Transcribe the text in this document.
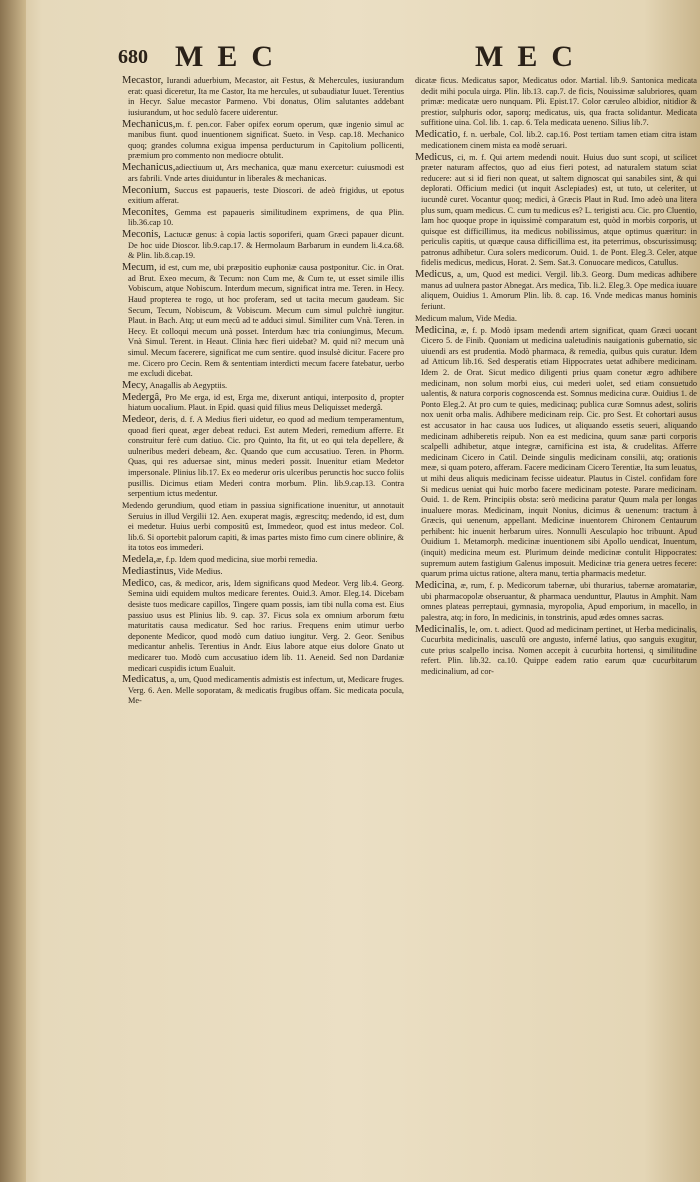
680 MEC	MEC

Mecastor, Iurandi aduerbium, Mecastor, ait Festus, & Mehercules, iusiurandum erat: quasi diceretur, Ita me Castor, Ita me hercules, ut subaudiatur Iuuet. Terentius in Hecyr. Salue mecastor Parmeno. Vbi donatus, Olim salutantes addebant iusiurandum, ut hoc sedulò facere uiderentur.

Mechanicus,m. f. pen.cor. Faber opifex eorum operum, quæ ingenio simul ac manibus fiunt. quod inuentionem significat. Sueto. in Vesp. cap.18. Mechanico quoq; grandes columna exigua impensa perducturum in Capitolium pollicenti, præmium pro commento non mediocre obtulit.

Mechanicus,adiectiuum ut, Ars mechanica, quæ manu exercetur: cuiusmodi est ars fabrili. Vnde artes diuiduntur in liberales & mechanicas.

Meconium, Succus est papaueris, teste Dioscori. de adeò frigidus, ut epotus exitium afferat.

Meconites, Gemma est papaueris similitudinem exprimens, de qua Plin. lib.36.cap 10.

Meconis, Lactucæ genus: à copia lactis soporiferi, quam Græci papauer dicunt. De hoc uide Dioscor. lib.9.cap.17. & Hermolaum Barbarum in eundem li.4.ca.68. & Plin. lib.8.cap.19.

Mecum, id est, cum me, ubi præpositio euphoniæ causa postponitur. Cic. in Orat. ad Brut. Exeo mecum, & Tecum: non Cum me, & Cum te, ut esset simile illis Vobiscum, atque Nobiscum. Interdum mecum, significat intra me. Teren. in Hecy. Haud propterea te rogo, ut hoc proferam, sed ut tacita mecum gaudeam. Sic Secum, Tecum, Nobiscum, & Vobiscum. Mecum cum simul pulchrè iungitur. Plaut. in Bach. Atq; ut eum mecû ad te adduci simul. Similiter cum Vnà. Teren. in Hecy. Et colloqui mecum unà posset. Interdum hæc tria coniungimus, Mecum. Vnà Simul. Terent. in Heaut. Clinia hæc fieri uidebat? M. quid ni? mecum unà simul. Mecum facerere, significat me cum sentire. quod insulsè dicitur. Facere pro me. Cicero pro Cecin. Rem & sententiam interdicti mecum facere fatebatur, uerbo me excludi dicebat.

Mecy, Anagallis ab Aegyptiis.

Medergâ, Pro Me erga, id est, Erga me, dixerunt antiqui, interposito d, propter hiatum uocalium. Plaut. in Epid. quasi quid filius meus Deliquisset medergâ.

Medeor, deris, d. f. A Medius fieri uidetur, eo quod ad medium temperamentum, quoad fieri queat, æger debeat reduci. Est autem Mederi, remedium afferre. Et construitur ferè cum datiuo. Cic. pro Quinto, Ita fit, ut eo qui tela depellere, & uulneribus mederi debeam, &c. Quando que cum accusatiuo. Teren. in Phorm. Quas, qui res aduersae sint, minus mederi possit. Inuenitur etiam Medetor impersonale. Plinius lib.17. Ex eo mederur oris ulceribus perunctis hoc succo foliis pusillis. Dicimus etiam Mederi contra morbum. Plin. lib.9.cap.13. Contra serpentium ictus medentur.

Medendo gerundium, quod etiam in passiua significatione inuenitur, ut annotauit Seruius in illud Vergilii 12. Aen. exuperat magis, ægrescitq; medendo, id est, dum ei medetur. Huius uerbi compositû est, Immedeor, quod est intus medeor. Col. lib.6. Si oportebit palorum capiti, & imas partes misto fimo cum cinere oblinire, & ita totos eos immederi.

Medela,æ, f.p. Idem quod medicina, siue morbi remedia.

Mediastinus, Vide Medius.

Medico, cas, & medicor, aris, Idem significans quod Medeor. Verg lib.4. Georg. Semina uidi equidem multos medicare ferentes. Ouid.3. Amor. Eleg.14. Dicebam desiste tuos medicare capillos, Tingere quam possis, iam tibi nulla coma est. Eius passiuo usus est Plinius lib. 9. cap. 37. Ficus sola ex omnium arborum fœtu maturitatis causa medicatur. Sed hoc rarius. Frequens enim utimur uerbo deponente Medicor, quod modò cum datiuo iungitur. Verg. 2. Geor. Senibus medicantur anhelis. Terentius in Andr. Eius labore atque eius dolore Gnato ut medicarer tuo. Modò cum accusatiuo idem lib. 11. Aeneid. Sed non Dardaniæ medicari cuspidis ictum Eualuit.

Medicatus, a, um, Quod medicamentis admistis est infectum, ut, Medicare fruges. Verg. 6. Aen. Melle soporatam, & medicatis frugibus offam. Sic medicata pocula, Me-

dicatæ ficus. Medicatus sapor, Medicatus odor. Martial. lib.9. Santonica medicata dedit mihi pocula uirga. Plin. lib.13. cap.7. de ficis, Nouissimæ salubriores, quam primæ: medicatæ uero nunquam. Pli. Epist.17. Color cæruleo albidior, nitidior & prestior, sulphuris odor, saporq; medicatus, uis, qua fracta solidantur. Medicata suffitione uina. Col. lib. 1. cap. 6. Tela medicata ueneno. Silius lib.7.

Medicatio, f. n. uerbale, Col. lib.2. cap.16. Post tertiam tamen etiam citra istam medicationem cinem mista ea modè seruari.

Medicus, ci, m. f. Qui artem medendi nouit. Huius duo sunt scopi, ut scilicet præter naturam affectos, quo ad eius fieri potest, ad naturalem statum sciat reducere: aut si id fieri non queat, ut saltem dignoscat qui sanabiles sint, & qui deplorati. Officium medici (ut inquit Asclepiades) est, ut tuto, ut celeriter, ut iucundè curet. Vocantur quoq; medici, à Græcis Plaut in Rud. Imo adeò una litera plus sum, quam medicus. C. cum tu medicus es? L. terigisti acu. Cic. pro Cluentio, Iam hoc quoque prope in iquissimè comparatum est, quòd in morbis corporis, ut quisque est difficillimus, ita medicus nobilissimus, atque optimus quæritur: in periculis capitis, ut quæque causa difficillima est, ita peterrimus, obscurissimusq; patronus adhibetur. Cura solers medicorum. Ouid. 1. de Pont. Eleg.3. Celer, atque fidelis medicus, medicus, Horat. 2. Sem. Sat.3. Conuocare medicos, Catullus.

Medicus, a, um, Quod est medici. Vergil. lib.3. Georg. Dum medicas adhibere manus ad uulnera pastor Abnegat. Ars medica, Tib. li.2. Eleg.3. Ope medica iuuare aliquem, Ouidius 1. Amorum Plin. lib. 8. cap. 16. Vnde medicas manus hominis feriunt.

Medicum malum, Vide Media.

Medicina, æ, f. p. Modò ipsam medendi artem significat, quam Græci uocant Cicero 5. de Finib. Quoniam ut medicina ualetudinis nauigationis gubernatio, sic uiuendi ars est prudentia. Modò pharmaca, & remedia, quibus quis curatur. Idem ad Atticum lib.16. Sed desperatis etiam Hippocrates uetat adhibere medicinam. Idem 2. de Orat. Sicut medico diligenti prius quam conetur ægro adhibere medicinam, non solum morbi eius, cui mederi uolet, sed etiam consuetudo ualentis, & natura corporis cognoscenda est. Somnus medicina curæ. Ouidius 1. de Ponto Eleg.2. At pro cum te quies, medicinaq; publica curæ Somnus adest, soliris nox uenit orba malis. Adhibere medicinam reip. Cic. pro Sest. Et cohortari ausus est accusator in hac causa uos Iudices, ut aliquando essetis seueri, aliquando medicinam adhiberetis reipub. Non ea est medicina, quum sanæ parti corporis scalpelli adhibetur, atque integræ, carnificina est ista, & crudelitas. Afferre medicinam Cicero in Catil. Deinde singulis medicinam consilii, atq; orationis meæ, si quam potero, afferam. Facere medicinam Cicero Terentiæ, Ita sum leuatus, ut mihi deus aliquis medicinam fecisse uideatur. Plautus in Cistel. confidam fore Si medicus ueniat qui huic morbo facere medicinam poteste. Parare medicinam. Ouid. 1. de Rem. Principiis obsta: serò medicina paratur Quum mala per longas inualuere moras. Medicinam, inquit Nonius, dicimus & uenenum: tractum à Græcis, qui uenenum, appellant. Medicinæ inuentorem Chironem Centaurum perhibent: hic inuenit herbarum uires. Nonnulli Aesculapio hoc tribuunt. Apud Ouidium 1. Metamorph. medicinæ inuentionem sibi Apollo uendicat, Inuentum, (inquit) medicina meum est. Plurimum deinde medicinæ contulit Hippocrates: supremum autem fastigium Galenus imposuit. Medicinæ tria genera uetres fecere: quarum prima uictus ratione, altera manu, tertia pharmacis medetur.

Medicina, æ, rum, f. p. Medicorum tabernæ, ubi thurarius, tabernæ aromatariæ, ubi pharmacopolæ obseruantur, & pharmaca uendunttur, Plautus in Amphit. Nam omnes plateas perreptaui, gymnasia, myropolia, Apud emporium, in macello, in palestra, atq; in foro, In medicinis, in tonstrinis, apud ædes omnes sacras.

Medicinalis, le, om. t. adiect. Quod ad medicinam pertinet, ut Herba medicinalis, Cucurbita medicinalis, uasculû ore angusto, inferné latius, quo sanguis exugitur, cute prius scalpello incisa. Nomen accepit à cucurbita hortensi, q similitudine refert. Plin. lib.32. ca.10. Quippe eadem ratio earum quæ cucurbitarum medicinalium, ad cor-
